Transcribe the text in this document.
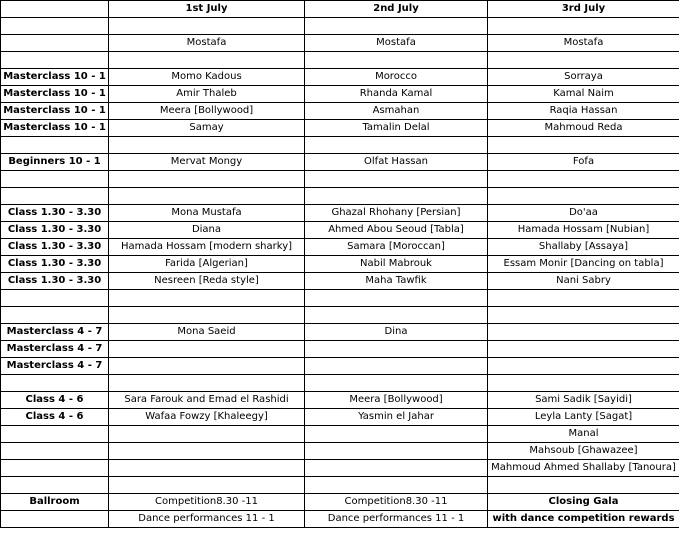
	1st July	2nd July	3rd July

	Mostafa	Mostafa	Mostafa

Masterclass 10 - 1	Momo Kadous	Morocco	Sorraya
Masterclass 10 - 1	Amir Thaleb	Rhanda Kamal	Kamal Naim
Masterclass 10 - 1	Meera [Bollywood]	Asmahan	Raqia Hassan
Masterclass 10 - 1	Samay	Tamalin Delal	Mahmoud Reda

Beginners 10 - 1	Mervat Mongy	Olfat Hassan	Fofa

Class 1.30 - 3.30	Mona Mustafa	Ghazal Rhohany [Persian]	Do'aa
Class 1.30 - 3.30	Diana	Ahmed Abou Seoud [Tabla]	Hamada Hossam [Nubian]
Class 1.30 - 3.30	Hamada Hossam [modern sharky]	Samara [Moroccan]	Shallaby [Assaya]
Class 1.30 - 3.30	Farida [Algerian]	Nabil Mabrouk	Essam Monir [Dancing on tabla]
Class 1.30 - 3.30	Nesreen [Reda style]	Maha Tawfik	Nani Sabry

Masterclass 4 - 7	Mona Saeid	Dina	
Masterclass 4 - 7			
Masterclass 4 - 7			

Class 4 - 6	Sara Farouk and Emad el Rashidi	Meera [Bollywood]	Sami Sadik [Sayidi]
Class 4 - 6	Wafaa Fowzy [Khaleegy]	Yasmin el Jahar	Leyla Lanty [Sagat]
			Manal
			Mahsoub [Ghawazee]
			Mahmoud Ahmed Shallaby [Tanoura]

Ballroom	Competition8.30 -11	Competition8.30 -11	Closing Gala
	Dance performances 11 - 1	Dance performances 11 - 1	with dance competition rewards
